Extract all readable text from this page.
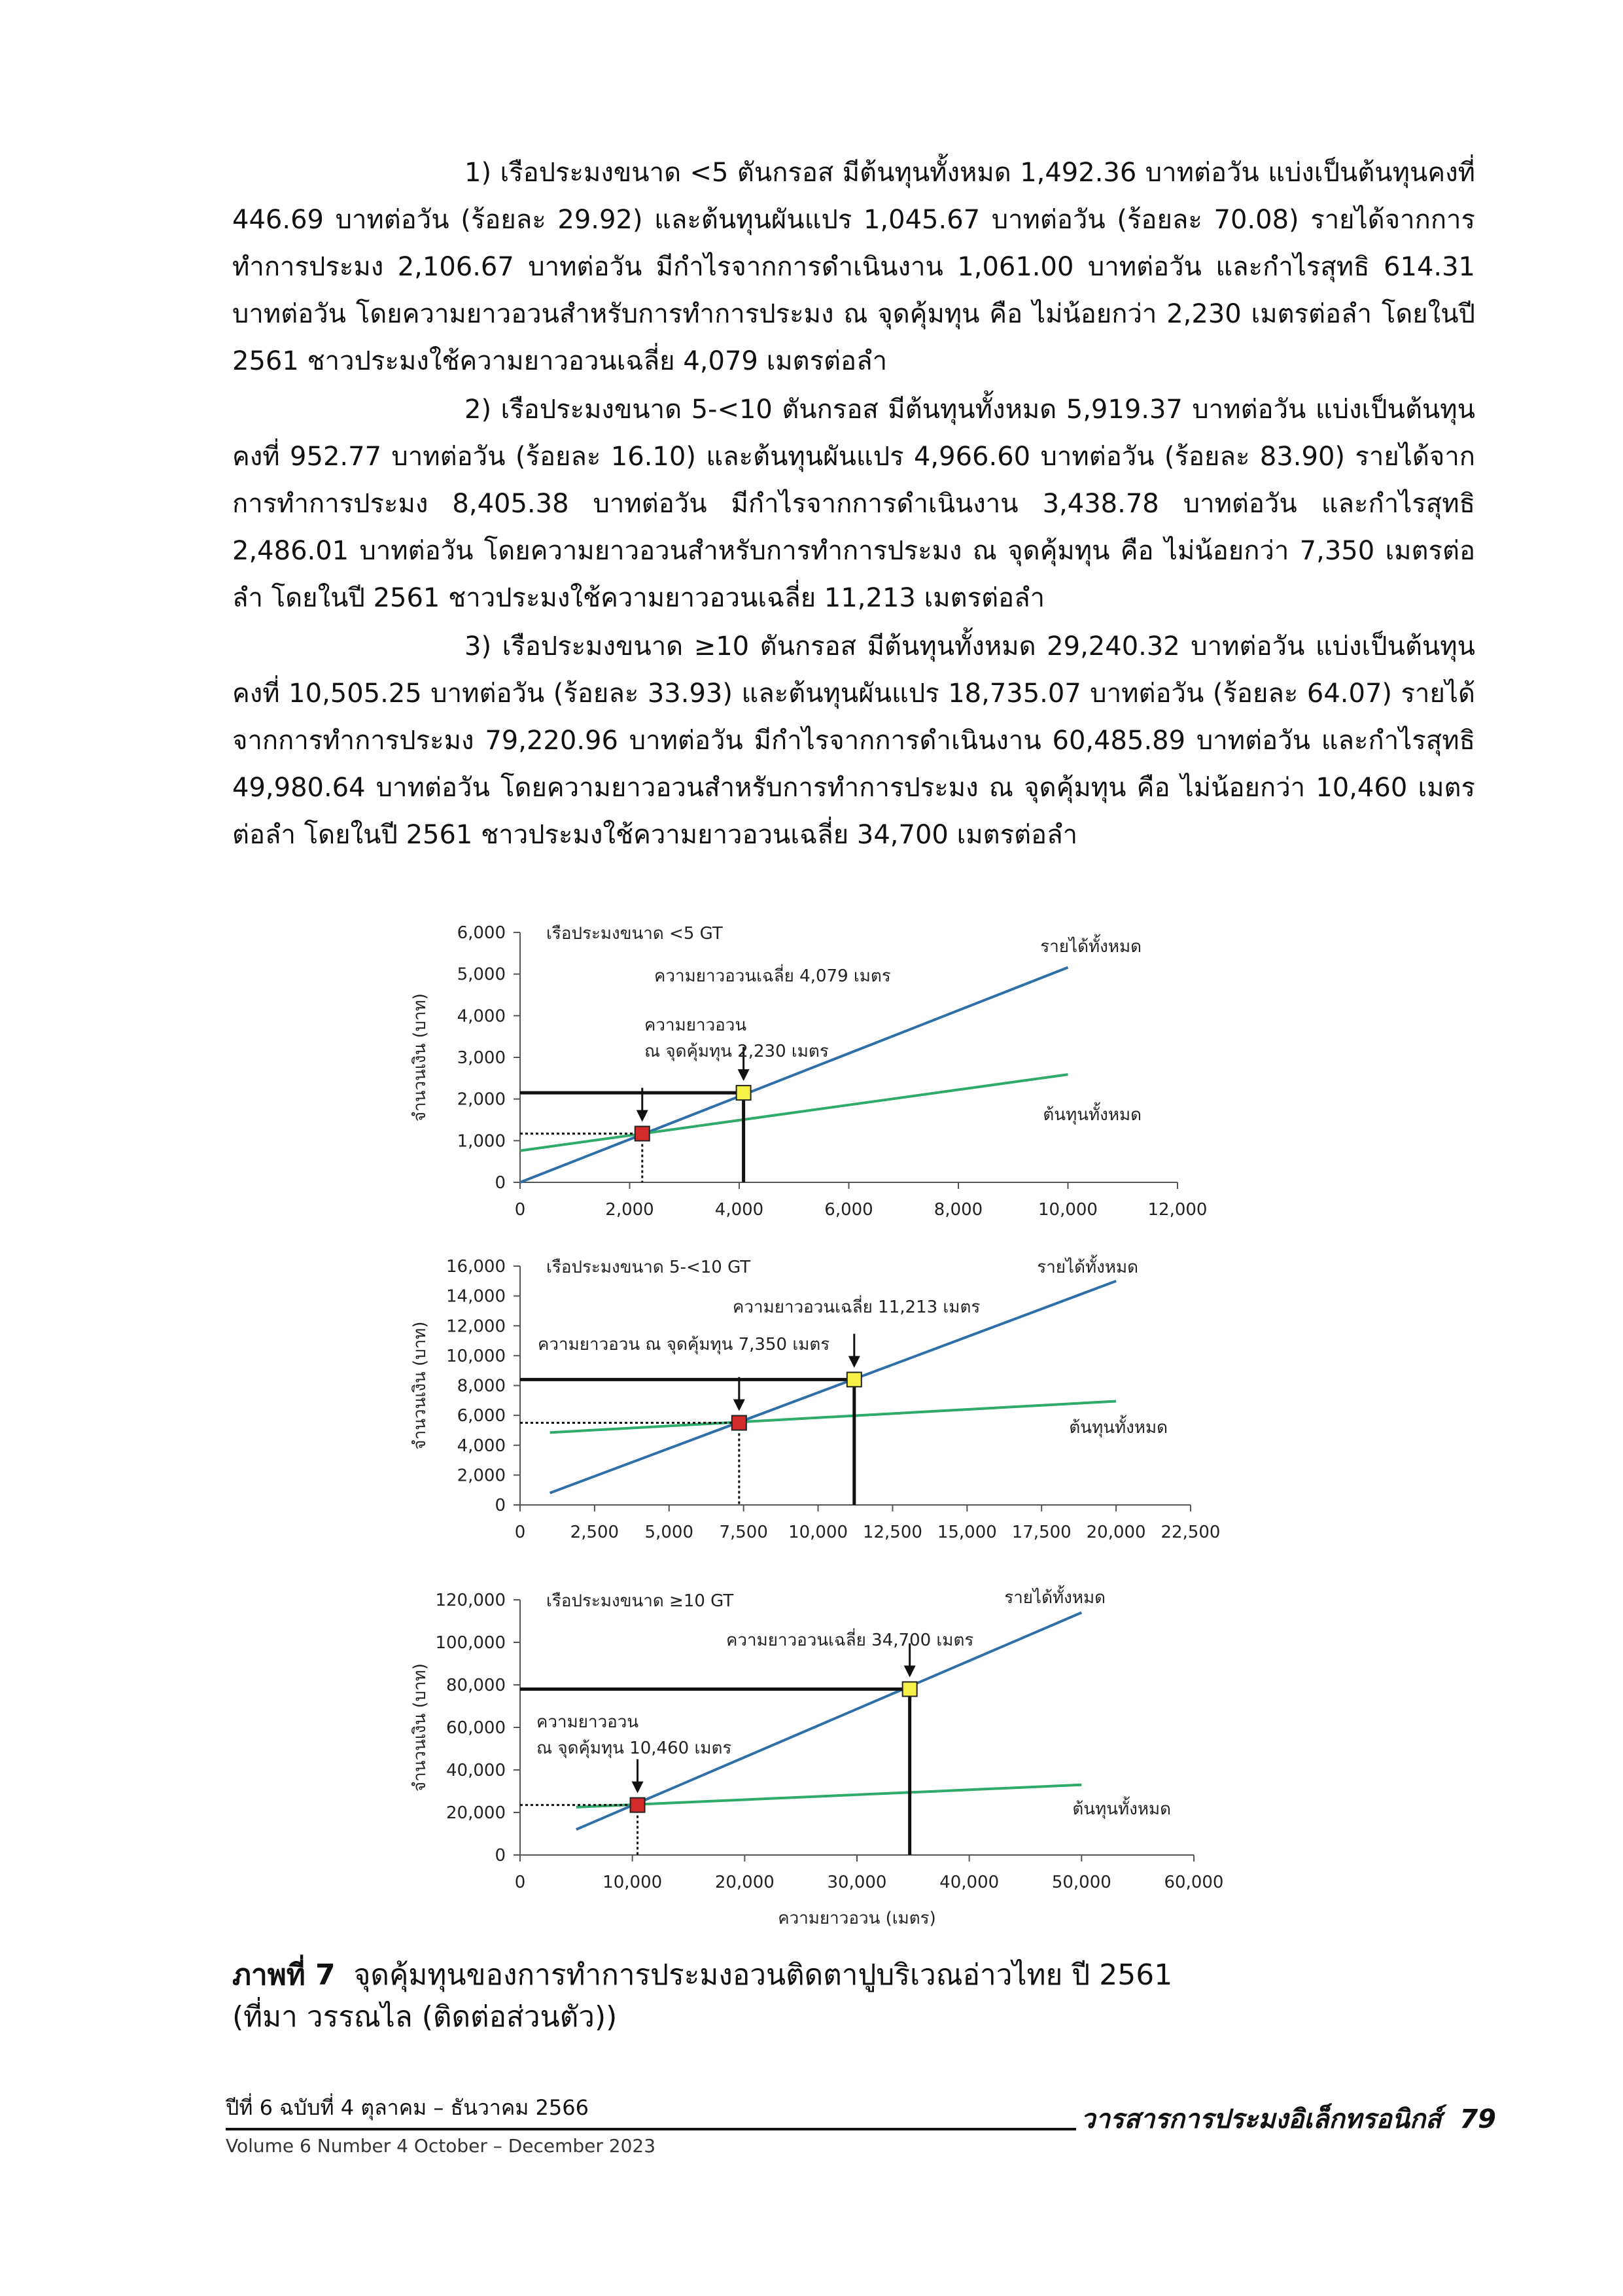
1) เรือประมงขนาด <5 ตันกรอส มีต้นทุนทั้งหมด 1,492.36 บาทต่อวัน แบ่งเป็นต้นทุนคงที่ 446.69 บาทต่อวัน (ร้อยละ 29.92) และต้นทุนผันแปร 1,045.67 บาทต่อวัน (ร้อยละ 70.08) รายได้จากการทำการประมง 2,106.67 บาทต่อวัน มีกำไรจากการดำเนินงาน 1,061.00 บาทต่อวัน และกำไรสุทธิ 614.31 บาทต่อวัน โดยความยาวอวนสำหรับการทำการประมง ณ จุดคุ้มทุน คือ ไม่น้อยกว่า 2,230 เมตรต่อลำ โดยในปี 2561 ชาวประมงใช้ความยาวอวนเฉลี่ย 4,079 เมตรต่อลำ

2) เรือประมงขนาด 5-<10 ตันกรอส มีต้นทุนทั้งหมด 5,919.37 บาทต่อวัน แบ่งเป็นต้นทุนคงที่ 952.77 บาทต่อวัน (ร้อยละ 16.10) และต้นทุนผันแปร 4,966.60 บาทต่อวัน (ร้อยละ 83.90) รายได้จากการทำการประมง 8,405.38 บาทต่อวัน มีกำไรจากการดำเนินงาน 3,438.78 บาทต่อวัน และกำไรสุทธิ 2,486.01 บาทต่อวัน โดยความยาวอวนสำหรับการทำการประมง ณ จุดคุ้มทุน คือ ไม่น้อยกว่า 7,350 เมตรต่อลำ โดยในปี 2561 ชาวประมงใช้ความยาวอวนเฉลี่ย 11,213 เมตรต่อลำ

3) เรือประมงขนาด ≥10 ตันกรอส มีต้นทุนทั้งหมด 29,240.32 บาทต่อวัน แบ่งเป็นต้นทุนคงที่ 10,505.25 บาทต่อวัน (ร้อยละ 33.93) และต้นทุนผันแปร 18,735.07 บาทต่อวัน (ร้อยละ 64.07) รายได้จากการทำการประมง 79,220.96 บาทต่อวัน มีกำไรจากการดำเนินงาน 60,485.89 บาทต่อวัน และกำไรสุทธิ 49,980.64 บาทต่อวัน โดยความยาวอวนสำหรับการทำการประมง ณ จุดคุ้มทุน คือ ไม่น้อยกว่า 10,460 เมตรต่อลำ โดยในปี 2561 ชาวประมงใช้ความยาวอวนเฉลี่ย 34,700 เมตรต่อลำ

0
1,000
2,000
3,000
4,000
5,000
6,000
0	2,000	4,000	6,000	8,000	10,000	12,000
จำนวนเงิน (บาท)
เรือประมงขนาด <5 GT
รายได้ทั้งหมด
ต้นทุนทั้งหมด
ความยาวอวน
ณ จุดคุ้มทุน 2,230 เมตร
ความยาวอวนเฉลี่ย 4,079 เมตร
0
2,000
4,000
6,000
8,000
10,000
12,000
14,000
16,000
0	2,500 5,000 7,500 10,000 12,500 15,000 17,500 20,000 22,500
จำนวนเงิน (บาท)
เรือประมงขนาด 5-<10 GT	รายได้ทั้งหมด
ต้นทุนทั้งหมด
ความยาวอวน ณ จุดคุ้มทุน 7,350 เมตร
ความยาวอวนเฉลี่ย 11,213 เมตร
0
20,000
40,000
60,000
80,000
100,000
120,000
0	10,000	20,000	30,000	40,000	50,000	60,000
จำนวนเงิน (บาท)
ความยาวอวน (เมตร)
เรือประมงขนาด ≥10 GT	รายได้ทั้งหมด
ต้นทุนทั้งหมด
ความยาวอวน
ณ จุดคุ้มทุน 10,460 เมตร
ความยาวอวนเฉลี่ย 34,700 เมตร

ภาพที่ 7 จุดคุ้มทุนของการทำการประมงอวนติดตาปูบริเวณอ่าวไทย ปี 2561

(ที่มา วรรณไล (ติดต่อส่วนตัว))

ปีที่ 6 ฉบับที่ 4 ตุลาคม – ธันวาคม 2566
Volume 6 Number 4 October – December 2023
วารสารการประมงอิเล็กทรอนิกส์ 79
